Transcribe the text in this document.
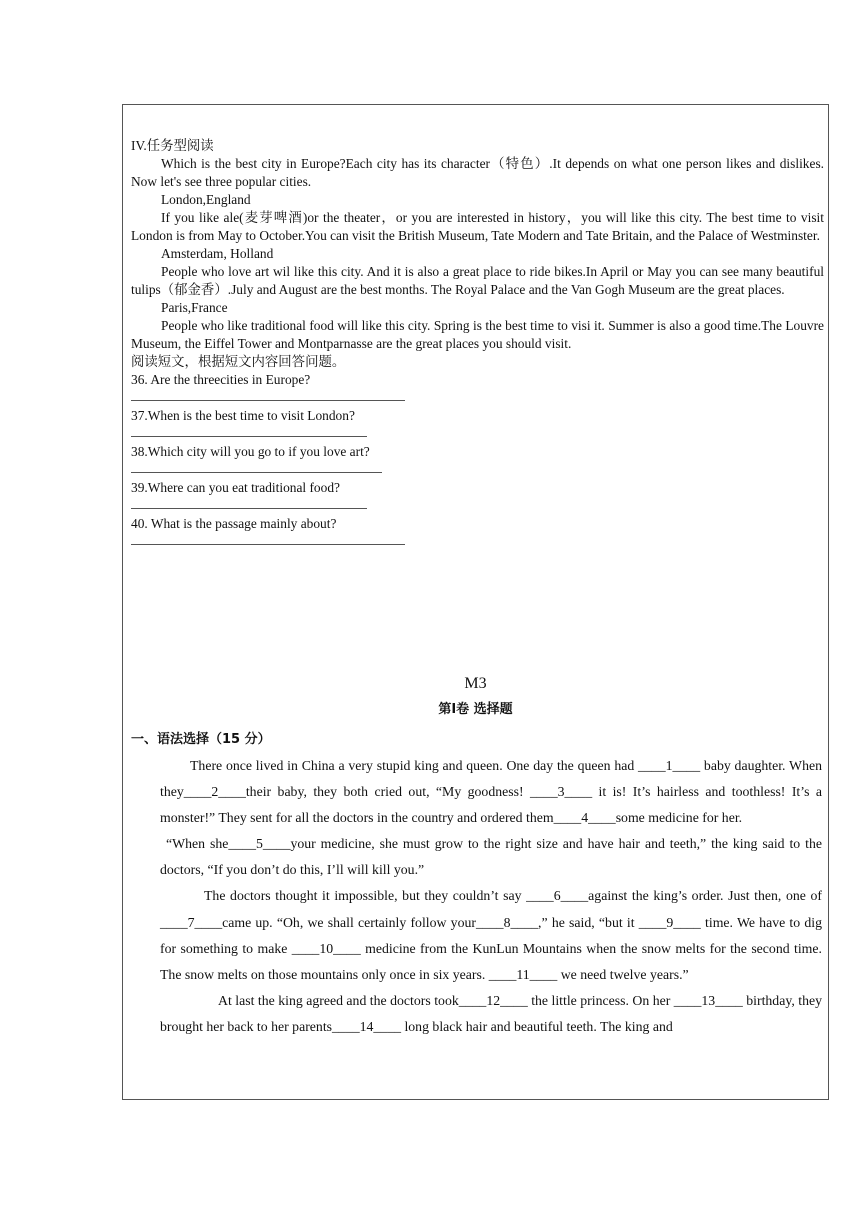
IV.任务型阅读

Which is the best city in Europe?Each city has its character（特色）.It depends on what one person likes and dislikes. Now let's see three popular cities.

London,England

If you like ale(麦芽啤酒)or the theater，or you are interested in history，you will like this city. The best time to visit London is from May to October.You can visit the British Museum, Tate Modern and Tate Britain, and the Palace of Westminster.

Amsterdam, Holland

People who love art wil like this city. And it is also a great place to ride bikes.In April or May you can see many beautiful tulips（郁金香）.July and August are the best months. The Royal Palace and the Van Gogh Museum are the great places.

Paris,France

People who like traditional food will like this city. Spring is the best time to visi it. Summer is also a good time.The Louvre Museum, the Eiffel Tower and Montparnasse are the great places you should visit.

阅读短文，根据短文内容回答问题。

36. Are the threecities in Europe?

37.When is the best time to visit London?

38.Which city will you go to if you love art?

39.Where can you eat traditional food?

40. What is the passage mainly about?

M3

第Ⅰ卷 选择题

一、语法选择（15 分）

There once lived in China a very stupid king and queen. One day the queen had ____1____ baby daughter. When they____2____their baby, they both cried out, “My goodness! ____3____ it is! It’s hairless and toothless! It’s a monster!” They sent for all the doctors in the country and ordered them____4____some medicine for her.

“When she____5____your medicine, she must grow to the right size and have hair and teeth,” the king said to the doctors, “If you don’t do this, I’ll will kill you.”

The doctors thought it impossible, but they couldn’t say ____6____against the king’s order. Just then, one of ____7____came up. “Oh, we shall certainly follow your____8____,” he said, “but it ____9____ time. We have to dig for something to make ____10____ medicine from the KunLun Mountains when the snow melts for the second time. The snow melts on those mountains only once in six years. ____11____ we need twelve years.”

At last the king agreed and the doctors took____12____ the little princess. On her ____13____ birthday, they brought her back to her parents____14____ long black hair and beautiful teeth. The king and
